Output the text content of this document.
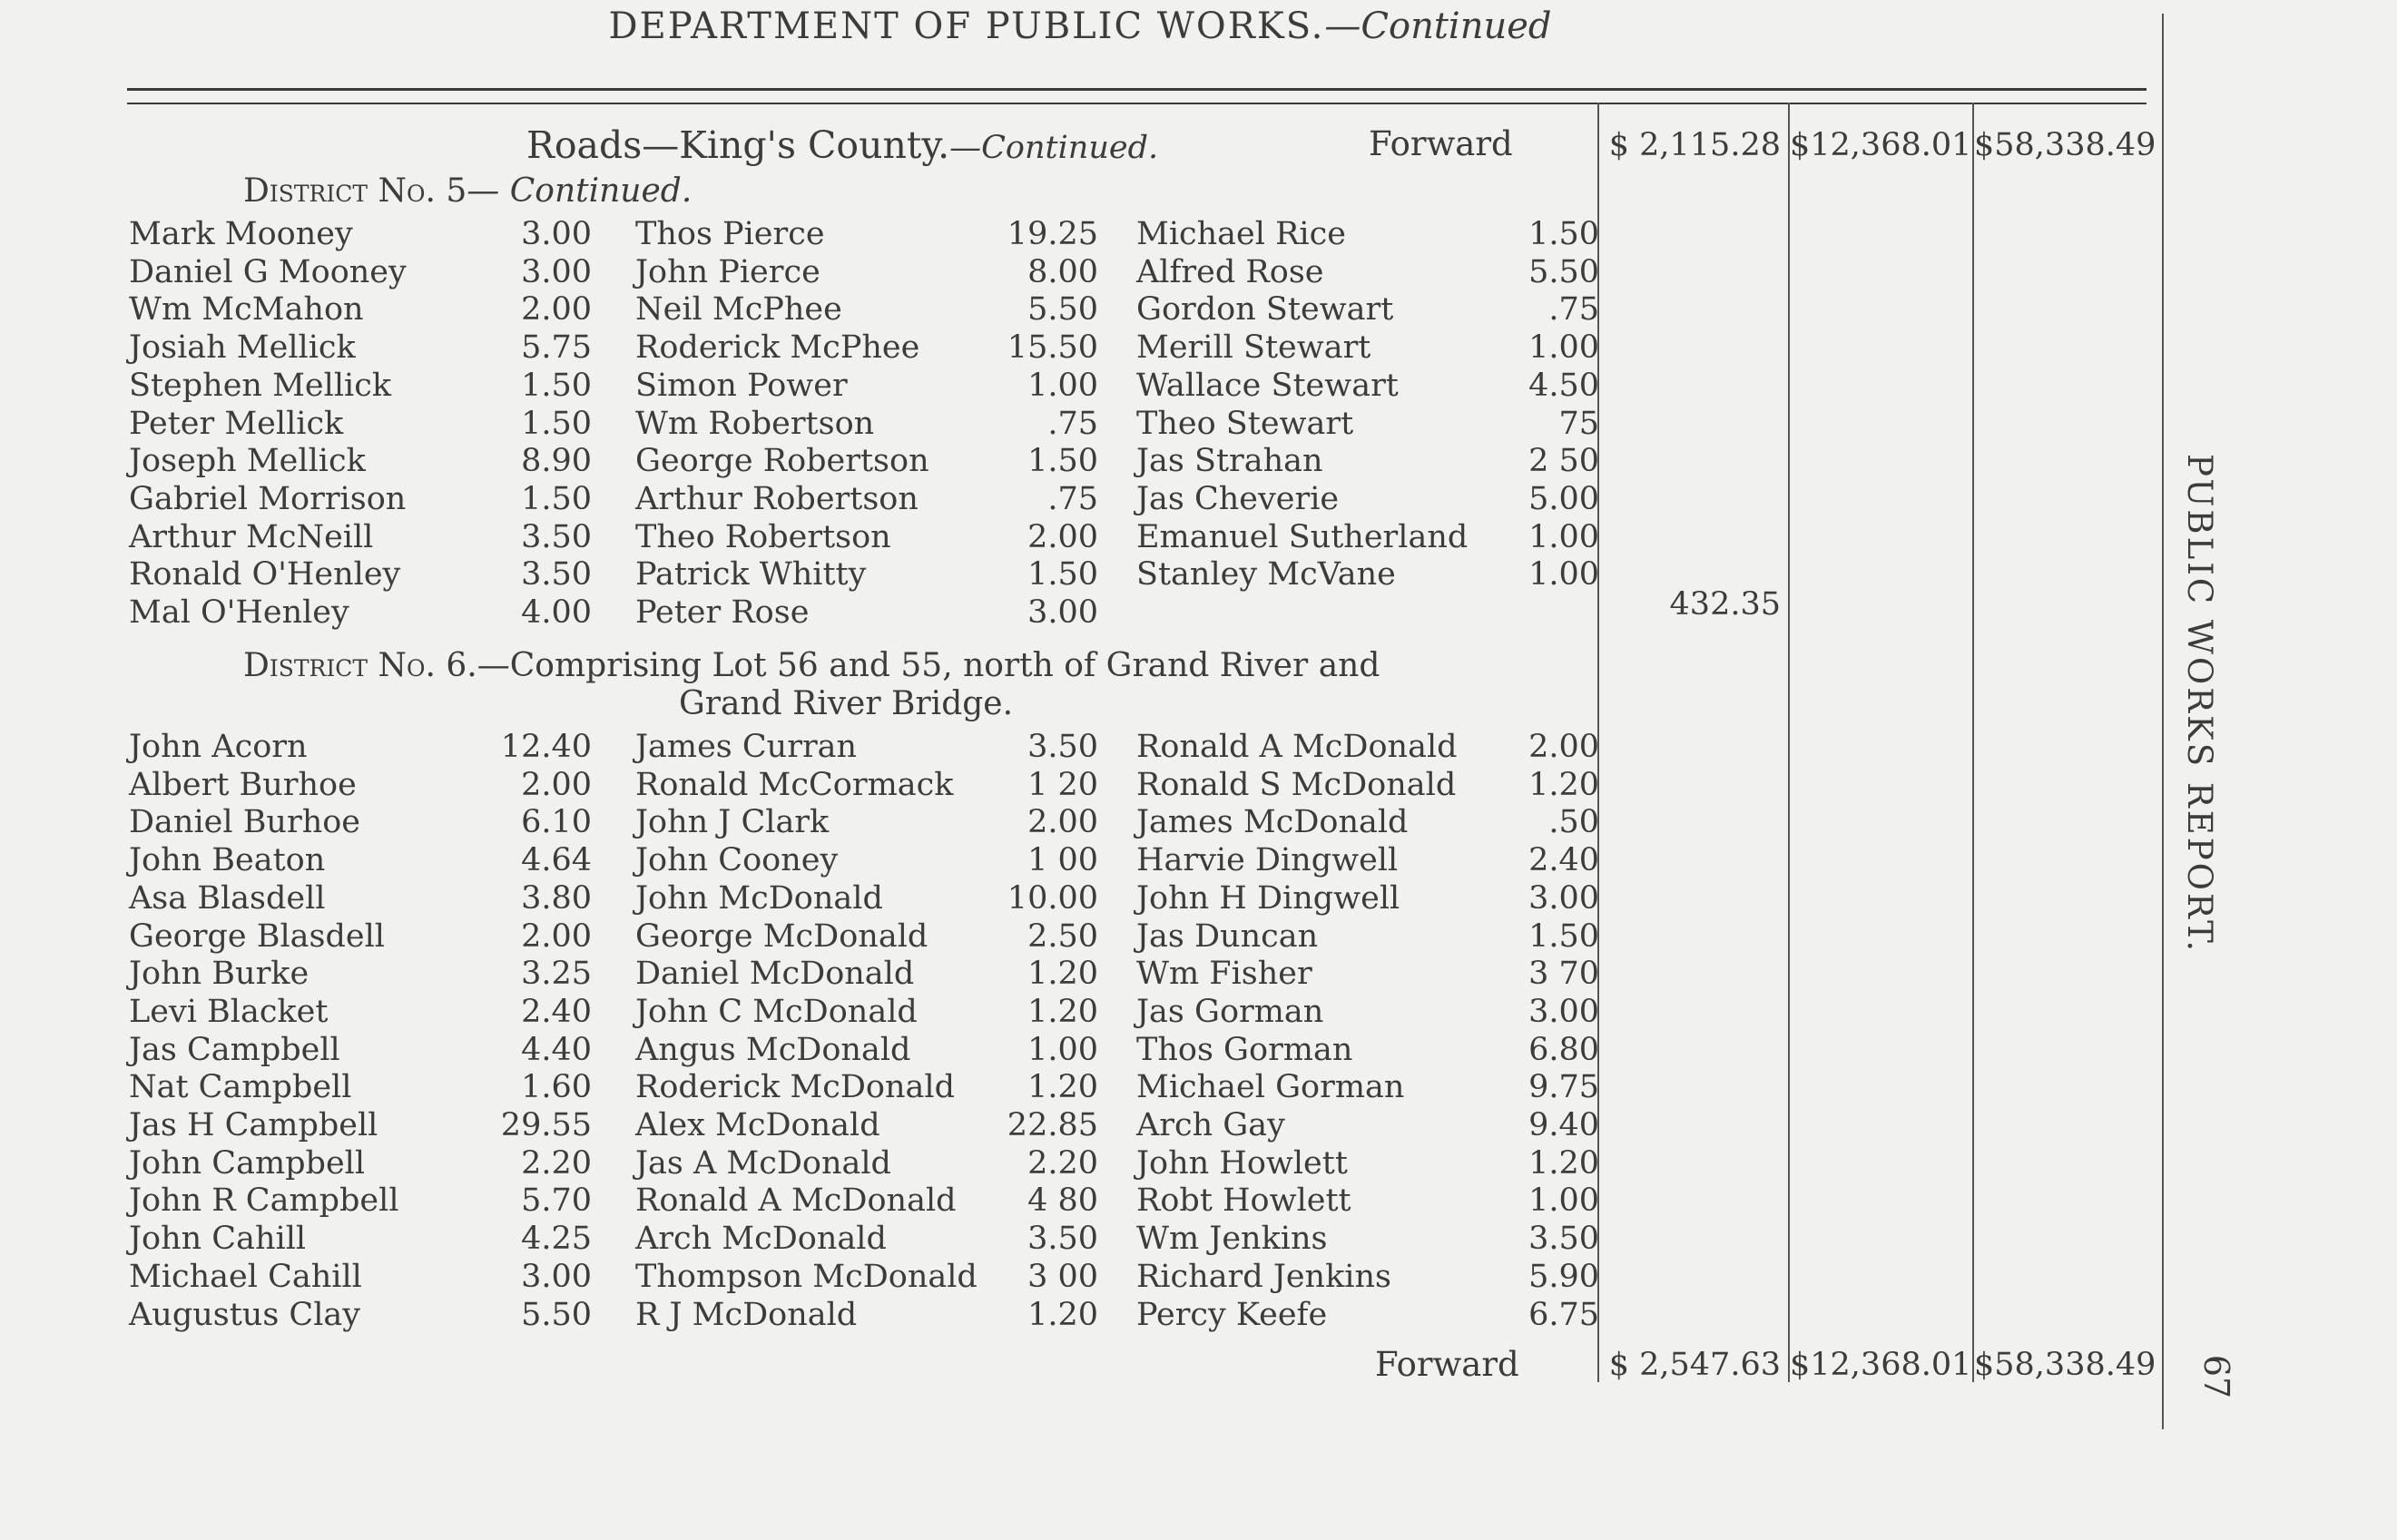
DEPARTMENT OF PUBLIC WORKS.—Continued
Roads—King's County.—Continued.	Forward	$ 2,115.28 $12,368.01 $58,338.49
District No. 5— Continued.
Mark Mooney	3.00 Thos Pierce	19.25 Michael Rice	1.50
Daniel G Mooney	3.00 John Pierce	8.00 Alfred Rose	5.50
Wm McMahon	2.00 Neil McPhee	5.50 Gordon Stewart	.75
Josiah Mellick	5.75 Roderick McPhee	15.50 Merill Stewart	1.00
Stephen Mellick	1.50 Simon Power	1.00 Wallace Stewart	4.50
Peter Mellick	1.50 Wm Robertson	.75 Theo Stewart	75
Joseph Mellick	8.90 George Robertson	1.50 Jas Strahan	2 50
Gabriel Morrison	1.50 Arthur Robertson	.75 Jas Cheverie	5.00
Arthur McNeill	3.50 Theo Robertson	2.00 Emanuel Sutherland	1.00
Ronald O'Henley	3.50 Patrick Whitty	1.50 Stanley McVane	1.00
Mal O'Henley	4.00 Peter Rose	3.00	432.35
District No. 6.—Comprising Lot 56 and 55, north of Grand River and
Grand River Bridge.
John Acorn	12.40 James Curran	3.50 Ronald A McDonald	2.00
Albert Burhoe	2.00 Ronald McCormack	1 20 Ronald S McDonald	1.20
Daniel Burhoe	6.10 John J Clark	2.00 James McDonald	.50
John Beaton	4.64 John Cooney	1 00 Harvie Dingwell	2.40
Asa Blasdell	3.80 John McDonald	10.00 John H Dingwell	3.00
George Blasdell	2.00 George McDonald	2.50 Jas Duncan	1.50
John Burke	3.25 Daniel McDonald	1.20 Wm Fisher	3 70
Levi Blacket	2.40 John C McDonald	1.20 Jas Gorman	3.00
Jas Campbell	4.40 Angus McDonald	1.00 Thos Gorman	6.80
Nat Campbell	1.60 Roderick McDonald	1.20 Michael Gorman	9.75
Jas H Campbell	29.55 Alex McDonald	22.85 Arch Gay	9.40
John Campbell	2.20 Jas A McDonald	2.20 John Howlett	1.20
John R Campbell	5.70 Ronald A McDonald	4 80 Robt Howlett	1.00
John Cahill	4.25 Arch McDonald	3.50 Wm Jenkins	3.50
Michael Cahill	3.00 Thompson McDonald	3 00 Richard Jenkins	5.90
Augustus Clay	5.50 R J McDonald	1.20 Percy Keefe	6.75
Forward	$ 2,547.63 $12,368.01 $58,338.49
PUBLIC WORKS REPORT.
67
